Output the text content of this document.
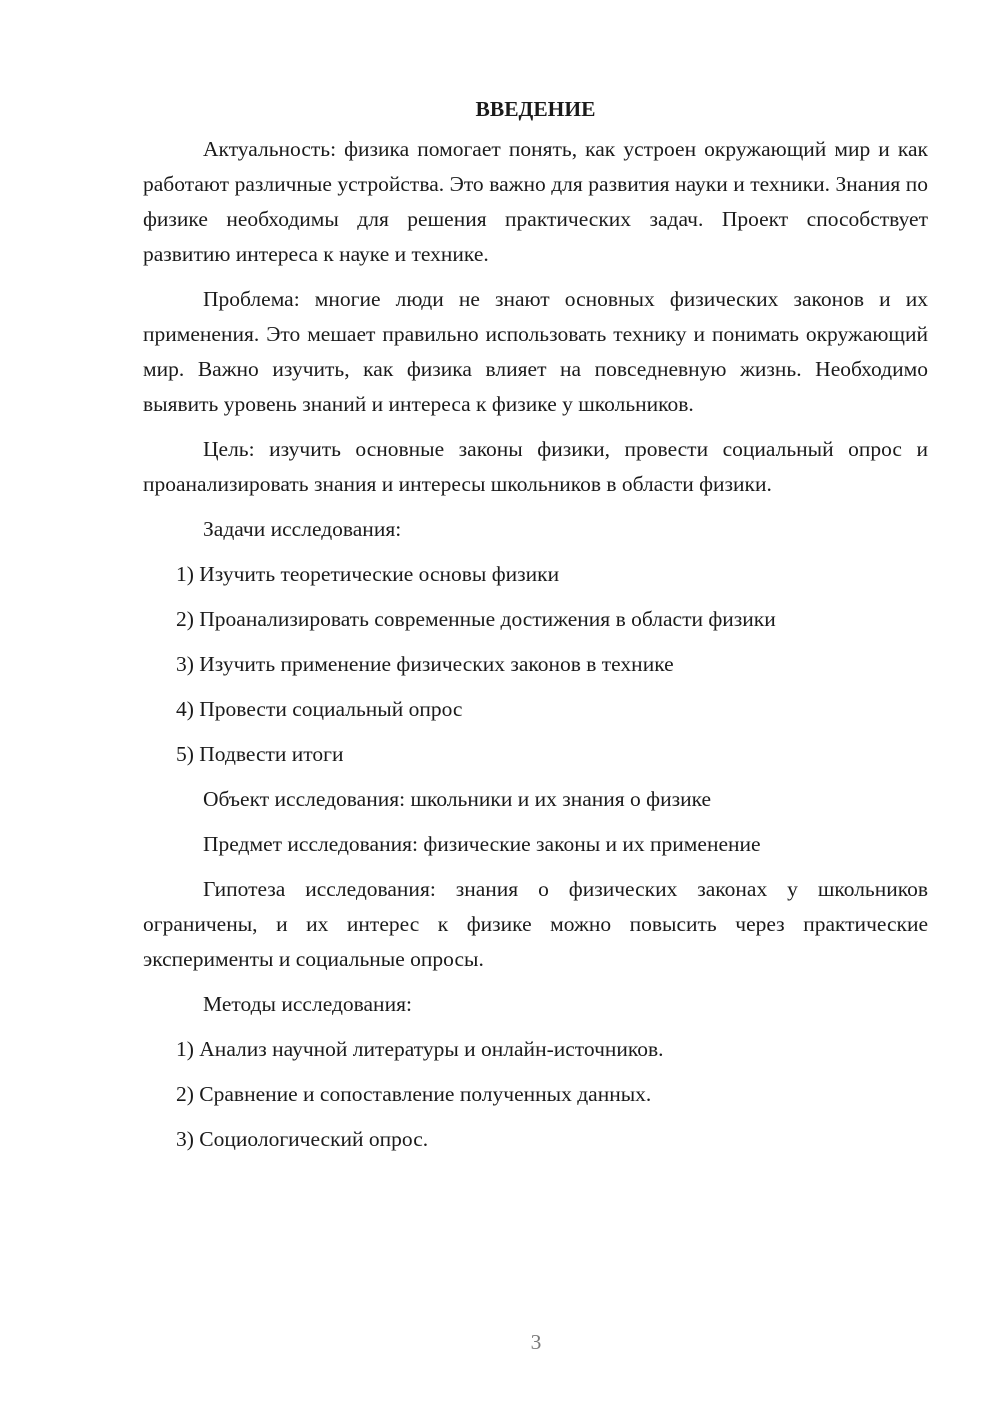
ВВЕДЕНИЕ

Актуальность: физика помогает понять, как устроен окружающий мир и как работают различные устройства. Это важно для развития науки и техники. Знания по физике необходимы для решения практических задач. Проект способствует развитию интереса к науке и технике.

Проблема: многие люди не знают основных физических законов и их применения. Это мешает правильно использовать технику и понимать окружающий мир. Важно изучить, как физика влияет на повседневную жизнь. Необходимо выявить уровень знаний и интереса к физике у школьников.

Цель: изучить основные законы физики, провести социальный опрос и проанализировать знания и интересы школьников в области физики.

Задачи исследования:

1) Изучить теоретические основы физики
2) Проанализировать современные достижения в области физики
3) Изучить применение физических законов в технике
4) Провести социальный опрос
5) Подвести итоги

Объект исследования: школьники и их знания о физике

Предмет исследования: физические законы и их применение

Гипотеза исследования: знания о физических законах у школьников ограничены, и их интерес к физике можно повысить через практические эксперименты и социальные опросы.

Методы исследования:

1) Анализ научной литературы и онлайн-источников.
2) Сравнение и сопоставление полученных данных.
3) Социологический опрос.
3
